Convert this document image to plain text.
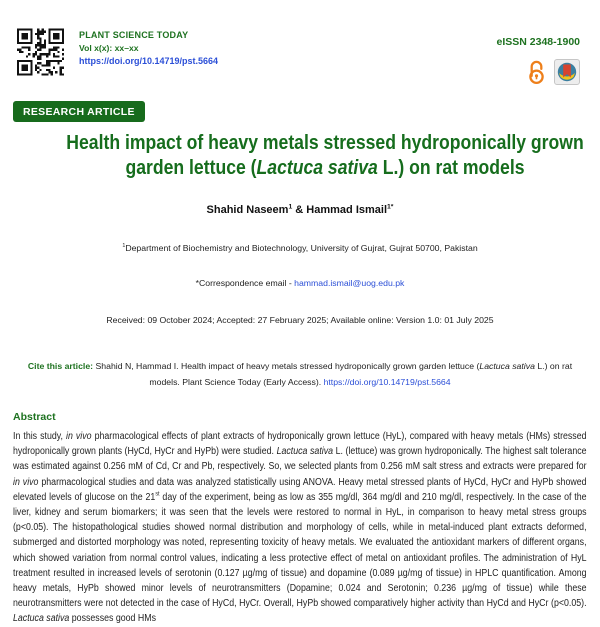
PLANT SCIENCE TODAY
Vol x(x): xx–xx
https://doi.org/10.14719/pst.5664
eISSN 2348-1900
RESEARCH ARTICLE
Health impact of heavy metals stressed hydroponically grown
garden lettuce (Lactuca sativa L.) on rat models
Shahid Naseem$^1$ & Hammad Ismail$^{1*}$
$^1$Department of Biochemistry and Biotechnology, University of Gujrat, Gujrat 50700, Pakistan
*Correspondence email - hammad.ismail@uog.edu.pk
Received: 09 October 2024; Accepted: 27 February 2025; Available online: Version 1.0: 01 July 2025
Cite this article: Shahid N, Hammad I. Health impact of heavy metals stressed hydroponically grown garden lettuce (Lactuca sativa L.) on rat models. Plant Science Today (Early Access). https://doi.org/10.14719/pst.5664
Abstract

In this study, in vivo pharmacological effects of plant extracts of hydroponically grown lettuce (HyL), compared with heavy metals (HMs) stressed hydroponically grown plants (HyCd, HyCr and HyPb) were studied. Lactuca sativa L. (lettuce) was grown hydroponically. The highest salt tolerance was estimated against 0.256 mM of Cd, Cr and Pb, respectively. So, we selected plants from 0.256 mM salt stress and extracts were prepared for in vivo pharmacological studies and data was analyzed statistically using ANOVA. Heavy metal stressed plants of HyCd, HyCr and HyPb showed elevated levels of glucose on the 21st day of the experiment, being as low as 355 mg/dl, 364 mg/dl and 210 mg/dl, respectively. In the case of the liver, kidney and serum biomarkers; it was seen that the levels were restored to normal in HyL, in comparison to heavy metal stress groups (p<0.05). The histopathological studies showed normal distribution and morphology of cells, while in metal-induced plant extracts deformed, submerged and distorted morphology was noted, representing toxicity of heavy metals. We evaluated the antioxidant markers of different organs, which showed variation from normal control values, indicating a less protective effect of metal on antioxidant profiles. The administration of HyL treatment resulted in increased levels of serotonin (0.127 µg/mg of tissue) and dopamine (0.089 µg/mg of tissue) in HPLC quantification. Among heavy metals, HyPb showed minor levels of neurotransmitters (Dopamine; 0.024 and Serotonin; 0.236 µg/mg of tissue) while these neurotransmitters were not detected in the case of HyCd, HyCr. Overall, HyPb showed comparatively higher activity than HyCd and HyCr (p<0.05). Lactuca sativa possesses good HMs
